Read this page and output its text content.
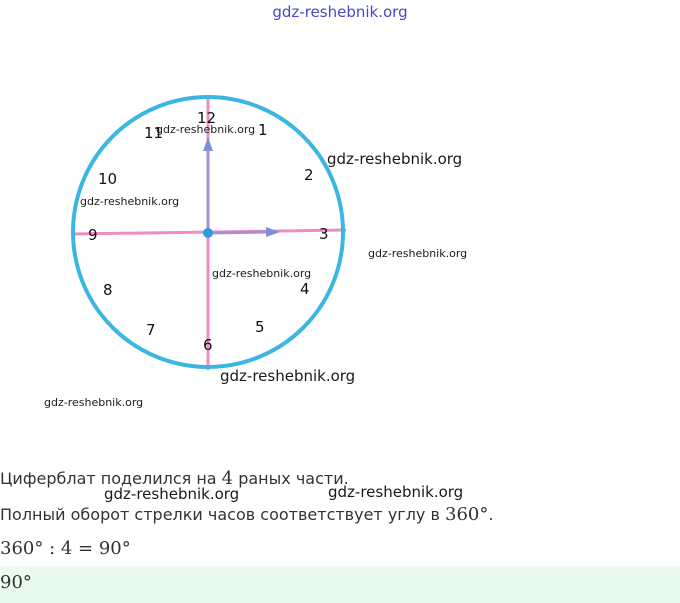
gdz-reshebnik.org
12
1
2
3
4
5
6
7
8
9
10
11
gdz-reshebnik.org
gdz-reshebnik.org
gdz-reshebnik.org
gdz-reshebnik.org
gdz-reshebnik.org
gdz-reshebnik.org
gdz-reshebnik.org
Циферблат поделился на 4 раных части.
Полный оборот стрелки часов соответствует углу в 360°.
gdz-reshebnik.org	gdz-reshebnik.org
360° : 4 = 90°
90°
